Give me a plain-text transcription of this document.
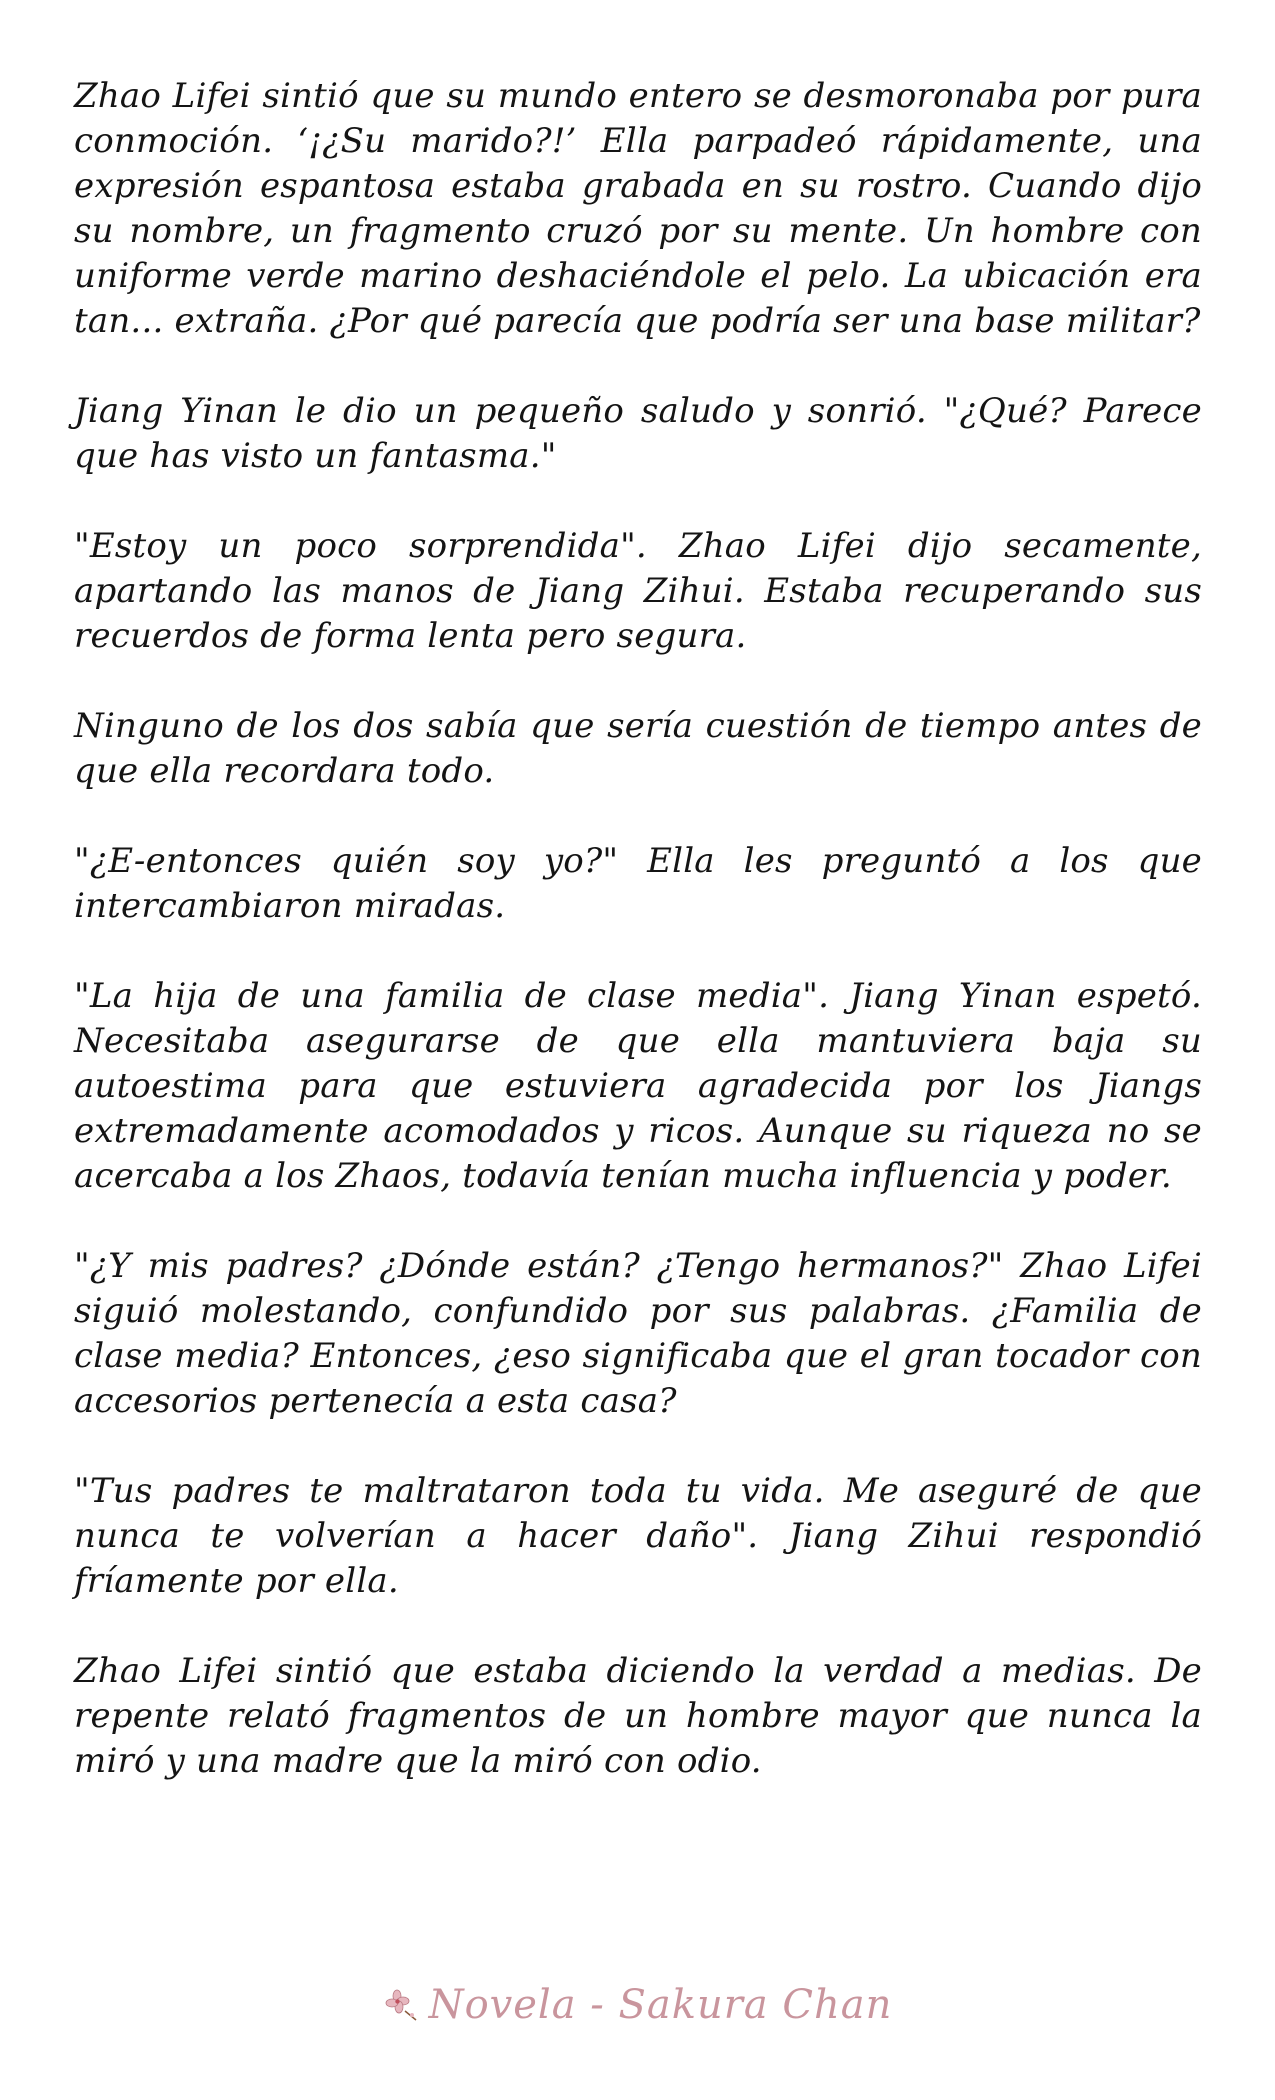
Zhao Lifei sintió que su mundo entero se desmoronaba por pura conmoción. ‘¡¿Su marido?!’ Ella parpadeó rápidamente, una expresión espantosa estaba grabada en su rostro. Cuando dijo su nombre, un fragmento cruzó por su mente. Un hombre con uniforme verde marino deshaciéndole el pelo. La ubicación era tan... extraña. ¿Por qué parecía que podría ser una base militar?

Jiang Yinan le dio un pequeño saludo y sonrió. "¿Qué? Parece que has visto un fantasma."

"Estoy un poco sorprendida". Zhao Lifei dijo secamente, apartando las manos de Jiang Zihui. Estaba recuperando sus recuerdos de forma lenta pero segura.

Ninguno de los dos sabía que sería cuestión de tiempo antes de que ella recordara todo.

"¿E-entonces quién soy yo?" Ella les preguntó a los que intercambiaron miradas.

"La hija de una familia de clase media". Jiang Yinan espetó. Necesitaba asegurarse de que ella mantuviera baja su autoestima para que estuviera agradecida por los Jiangs extremadamente acomodados y ricos. Aunque su riqueza no se acercaba a los Zhaos, todavía tenían mucha influencia y poder.

"¿Y mis padres? ¿Dónde están? ¿Tengo hermanos?" Zhao Lifei siguió molestando, confundido por sus palabras. ¿Familia de clase media? Entonces, ¿eso significaba que el gran tocador con accesorios pertenecía a esta casa?

"Tus padres te maltrataron toda tu vida. Me aseguré de que nunca te volverían a hacer daño". Jiang Zihui respondió fríamente por ella.

Zhao Lifei sintió que estaba diciendo la verdad a medias. De repente relató fragmentos de un hombre mayor que nunca la miró y una madre que la miró con odio.

Novela - Sakura Chan
